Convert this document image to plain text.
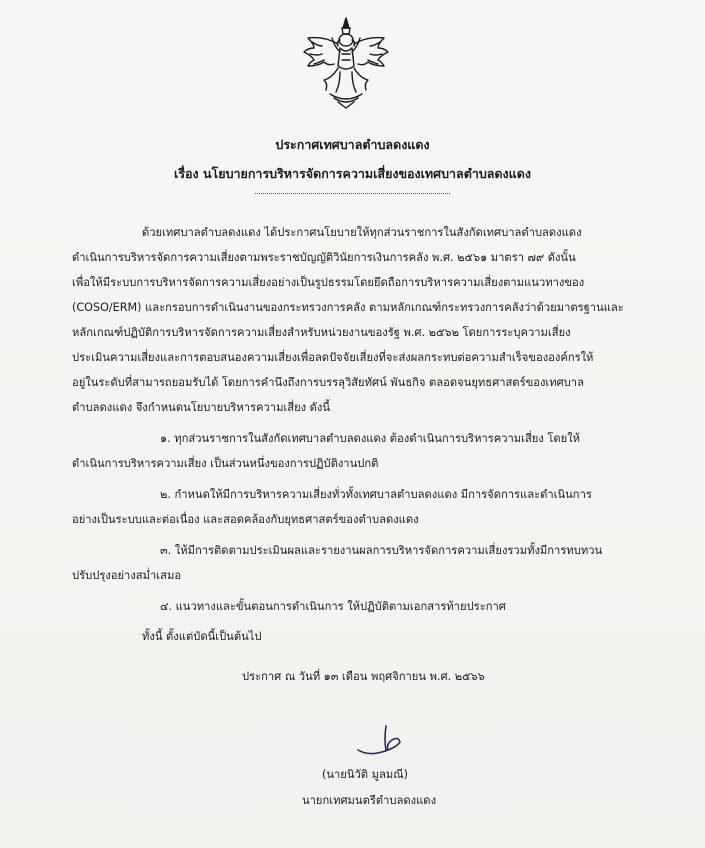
ประกาศเทศบาลตำบลดงแดง
เรื่อง นโยบายการบริหารจัดการความเสี่ยงของเทศบาลตำบลดงแดง
ด้วยเทศบาลตำบลดงแดง ได้ประกาศนโยบายให้ทุกส่วนราชการในสังกัดเทศบาลตำบลดงแดง
ดำเนินการบริหารจัดการความเสี่ยงตามพระราชบัญญัติวินัยการเงินการคลัง พ.ศ. ๒๕๖๑ มาตรา ๗๙ ดังนั้น
เพื่อให้มีระบบการบริหารจัดการความเสี่ยงอย่างเป็นรูปธรรมโดยยึดถือการบริหารความเสี่ยงตามแนวทางของ
(COSO/ERM) และกรอบการดำเนินงานของกระทรวงการคลัง ตามหลักเกณฑ์กระทรวงการคลังว่าด้วยมาตรฐานและ
หลักเกณฑ์ปฏิบัติการบริหารจัดการความเสี่ยงสำหรับหน่วยงานของรัฐ พ.ศ. ๒๕๖๒ โดยการระบุความเสี่ยง
ประเมินความเสี่ยงและการตอบสนองความเสี่ยงเพื่อลดปัจจัยเสี่ยงที่จะส่งผลกระทบต่อความสำเร็จขององค์กรให้
อยู่ในระดับที่สามารถยอมรับได้ โดยการคำนึงถึงการบรรลุวิสัยทัศน์ พันธกิจ ตลอดจนยุทธศาสตร์ของเทศบาล
ตำบลดงแดง จึงกำหนดนโยบายบริหารความเสี่ยง ดังนี้
๑. ทุกส่วนราชการในสังกัดเทศบาลตำบลดงแดง ต้องดำเนินการบริหารความเสี่ยง โดยให้
ดำเนินการบริหารความเสี่ยง เป็นส่วนหนึ่งของการปฏิบัติงานปกติ
๒. กำหนดให้มีการบริหารความเสี่ยงทั่วทั้งเทศบาลตำบลดงแดง มีการจัดการและดำเนินการ
อย่างเป็นระบบและต่อเนื่อง และสอดคล้องกับยุทธศาสตร์ของตำบลดงแดง
๓. ให้มีการติดตามประเมินผลและรายงานผลการบริหารจัดการความเสี่ยงรวมทั้งมีการทบทวน
ปรับปรุงอย่างสม่ำเสมอ
๔. แนวทางและขั้นตอนการดำเนินการ ให้ปฏิบัติตามเอกสารท้ายประกาศ
ทั้งนี้ ตั้งแต่บัดนี้เป็นต้นไป
ประกาศ ณ วันที่ ๑๓ เดือน พฤศจิกายน พ.ศ. ๒๕๖๖
(นายนิวัติ มูลมณี)
นายกเทศมนตรีตำบลดงแดง
